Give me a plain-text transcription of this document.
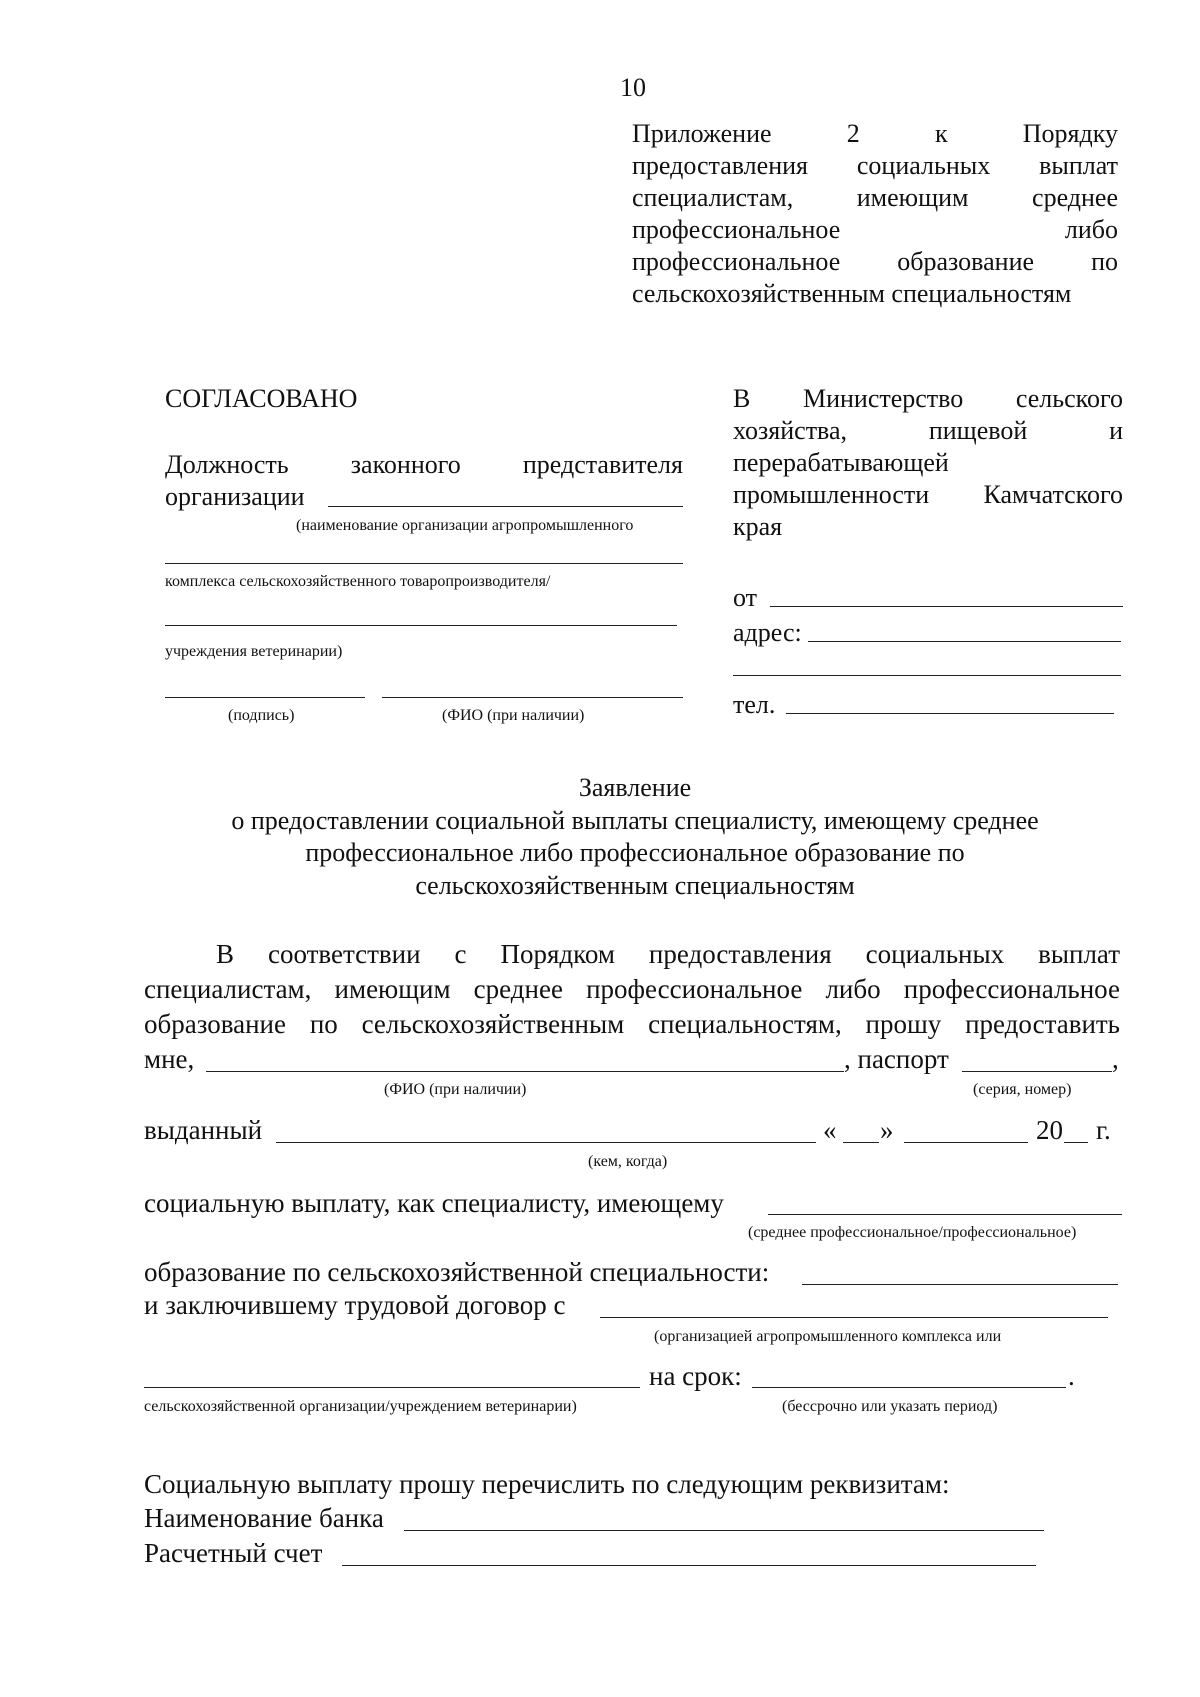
10
Приложение 2 к Порядку
предоставления социальных выплат
специалистам, имеющим среднее
профессиональное либо
профессиональное образование по
сельскохозяйственным специальностям
СОГЛАСОВАНО
Должность законного представителя
организации
(наименование организации агропромышленного
комплекса сельскохозяйственного товаропроизводителя/
учреждения ветеринарии)
(подпись)	(ФИО (при наличии)
В Министерство сельского
хозяйства, пищевой и
перерабатывающей
промышленности Камчатского
края
от
адрес:
тел.
Заявление
о предоставлении социальной выплаты специалисту, имеющему среднее
профессиональное либо профессиональное образование по
сельскохозяйственным специальностям
В соответствии с Порядком предоставления социальных выплат
специалистам, имеющим среднее профессиональное либо профессиональное
образование по сельскохозяйственным специальностям, прошу предоставить
мне,	, паспорт	,
(ФИО (при наличии)	(серия, номер)
выданный	« »	20 г.
(кем, когда)
социальную выплату, как специалисту, имеющему
(среднее профессиональное/профессиональное)
образование по сельскохозяйственной специальности:
и заключившему трудовой договор с
(организацией агропромышленного комплекса или
на срок:	.
сельскохозяйственной организации/учреждением ветеринарии)	(бессрочно или указать период)
Социальную выплату прошу перечислить по следующим реквизитам:
Наименование банка
Расчетный счет
